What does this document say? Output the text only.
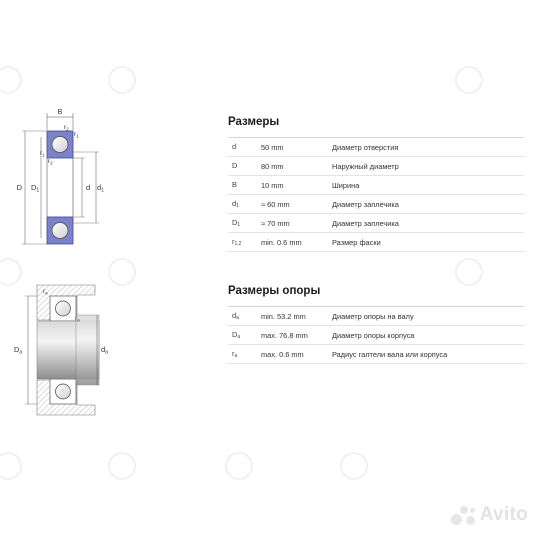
B
D $D_1$	d $d_1$
$r_2$
$r_1$
$r_1$
$r_2$
$D_a$	$d_a$
$r_a$
$r_a$
Размеры
d	50 mm	Диаметр отверстия
D	80 mm	Наружный диаметр
B	10 mm	Ширина
$d_1$	≈ 60 mm	Диаметр заплечика
$D_1$	≈ 70 mm	Диаметр заплечика
$r_{1,2}$	min. 0.6 mm	Размер фаски
Размеры опоры
$d_a$	min. 53.2 mm	Диаметр опоры на валу
$D_a$	max. 76.8 mm	Диаметр опоры корпуса
$r_a$	max. 0.6 mm	Радиус галтели вала или корпуса
Avito
